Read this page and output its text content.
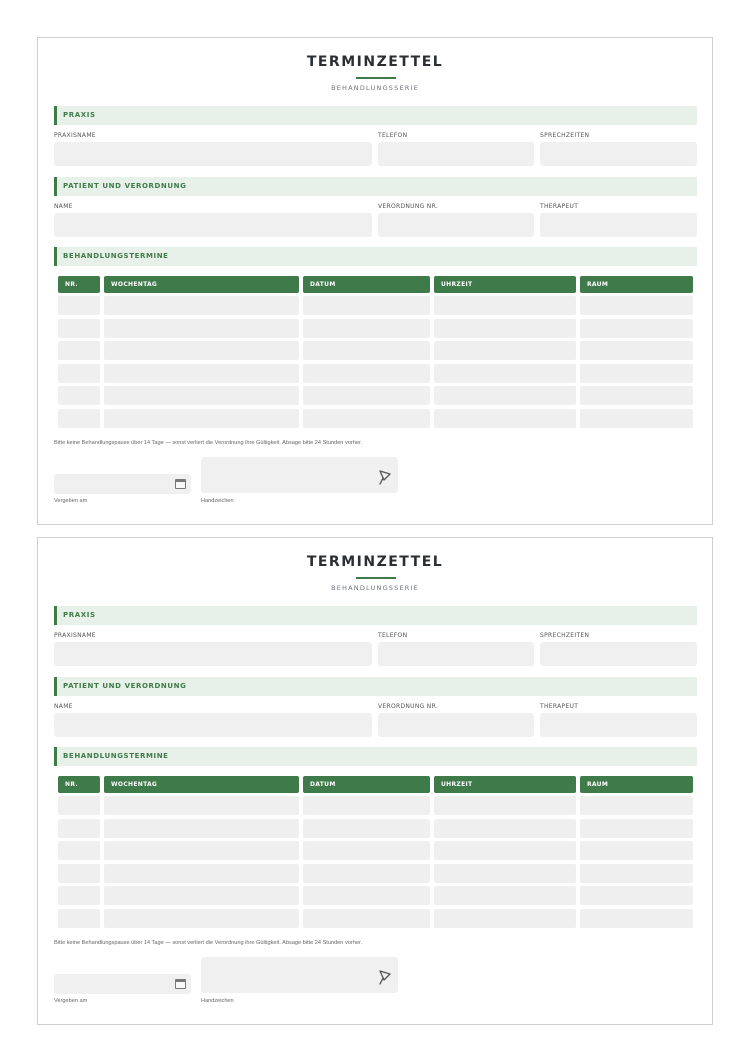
TERMINZETTEL
BEHANDLUNGSSERIE
PRAXIS
PRAXISNAME	TELEFON	SPRECHZEITEN
PATIENT UND VERORDNUNG
NAME	VERORDNUNG NR.	THERAPEUT
BEHANDLUNGSTERMINE
NR.	WOCHENTAG	DATUM	UHRZEIT	RAUM
Bitte keine Behandlungspause über 14 Tage — sonst verliert die Verordnung ihre Gültigkeit. Absage bitte 24 Stunden vorher.
Vergeben am	Handzeichen
TERMINZETTEL
BEHANDLUNGSSERIE
PRAXIS
PRAXISNAME	TELEFON	SPRECHZEITEN
PATIENT UND VERORDNUNG
NAME	VERORDNUNG NR.	THERAPEUT
BEHANDLUNGSTERMINE
NR.	WOCHENTAG	DATUM	UHRZEIT	RAUM
Bitte keine Behandlungspause über 14 Tage — sonst verliert die Verordnung ihre Gültigkeit. Absage bitte 24 Stunden vorher.
Vergeben am	Handzeichen
